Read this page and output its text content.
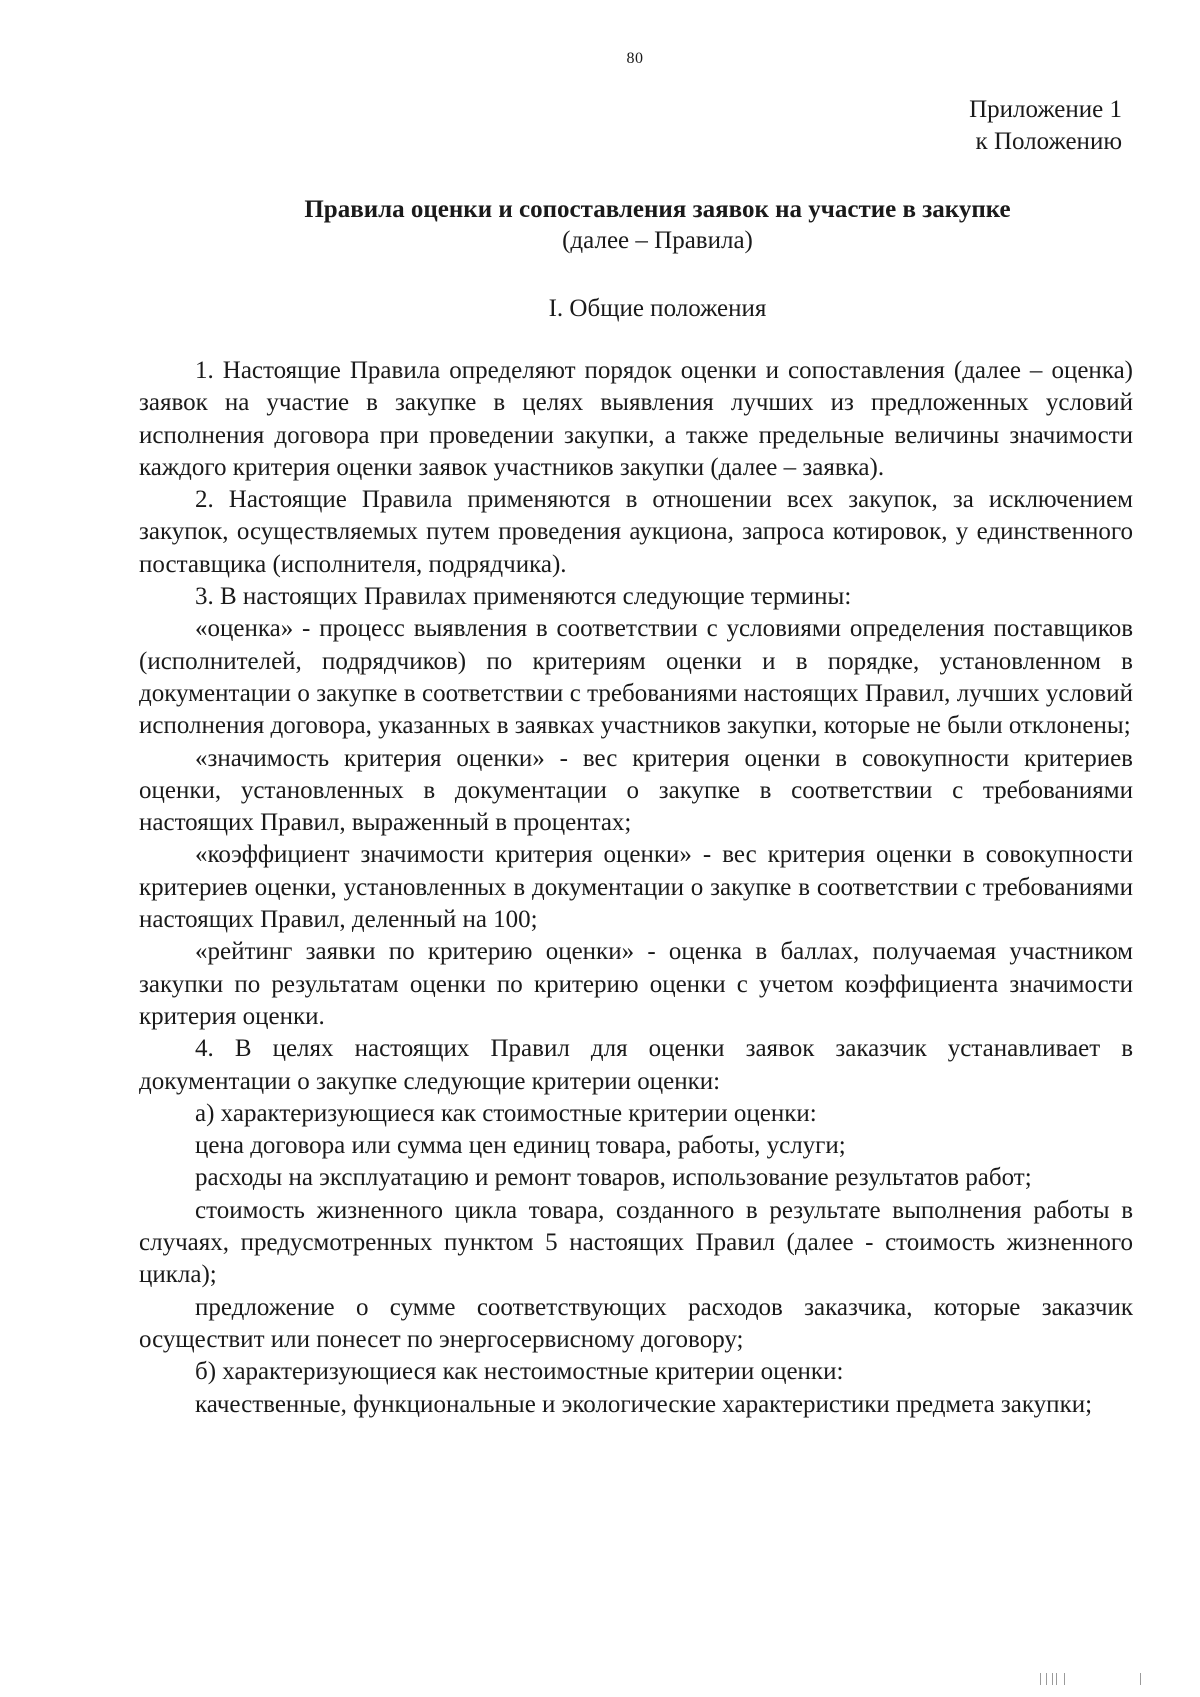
80
Приложение 1
к Положению
Правила оценки и сопоставления заявок на участие в закупке
(далее – Правила)
I. Общие положения

1. Настоящие Правила определяют порядок оценки и сопоставления (далее – оценка) заявок на участие в закупке в целях выявления лучших из предложенных условий исполнения договора при проведении закупки, а также предельные величины значимости каждого критерия оценки заявок участников закупки (далее – заявка).

2. Настоящие Правила применяются в отношении всех закупок, за исключением закупок, осуществляемых путем проведения аукциона, запроса котировок, у единственного поставщика (исполнителя, подрядчика).

3. В настоящих Правилах применяются следующие термины:

«оценка» - процесс выявления в соответствии с условиями определения поставщиков (исполнителей, подрядчиков) по критериям оценки и в порядке, установленном в документации о закупке в соответствии с требованиями настоящих Правил, лучших условий исполнения договора, указанных в заявках участников закупки, которые не были отклонены;

«значимость критерия оценки» - вес критерия оценки в совокупности критериев оценки, установленных в документации о закупке в соответствии с требованиями настоящих Правил, выраженный в процентах;

«коэффициент значимости критерия оценки» - вес критерия оценки в совокупности критериев оценки, установленных в документации о закупке в соответствии с требованиями настоящих Правил, деленный на 100;

«рейтинг заявки по критерию оценки» - оценка в баллах, получаемая участником закупки по результатам оценки по критерию оценки с учетом коэффициента значимости критерия оценки.

4. В целях настоящих Правил для оценки заявок заказчик устанавливает в документации о закупке следующие критерии оценки:

а) характеризующиеся как стоимостные критерии оценки:

цена договора или сумма цен единиц товара, работы, услуги;

расходы на эксплуатацию и ремонт товаров, использование результатов работ;

стоимость жизненного цикла товара, созданного в результате выполнения работы в случаях, предусмотренных пунктом 5 настоящих Правил (далее - стоимость жизненного цикла);

предложение о сумме соответствующих расходов заказчика, которые заказчик осуществит или понесет по энергосервисному договору;

б) характеризующиеся как нестоимостные критерии оценки:

качественные, функциональные и экологические характеристики предмета закупки;
